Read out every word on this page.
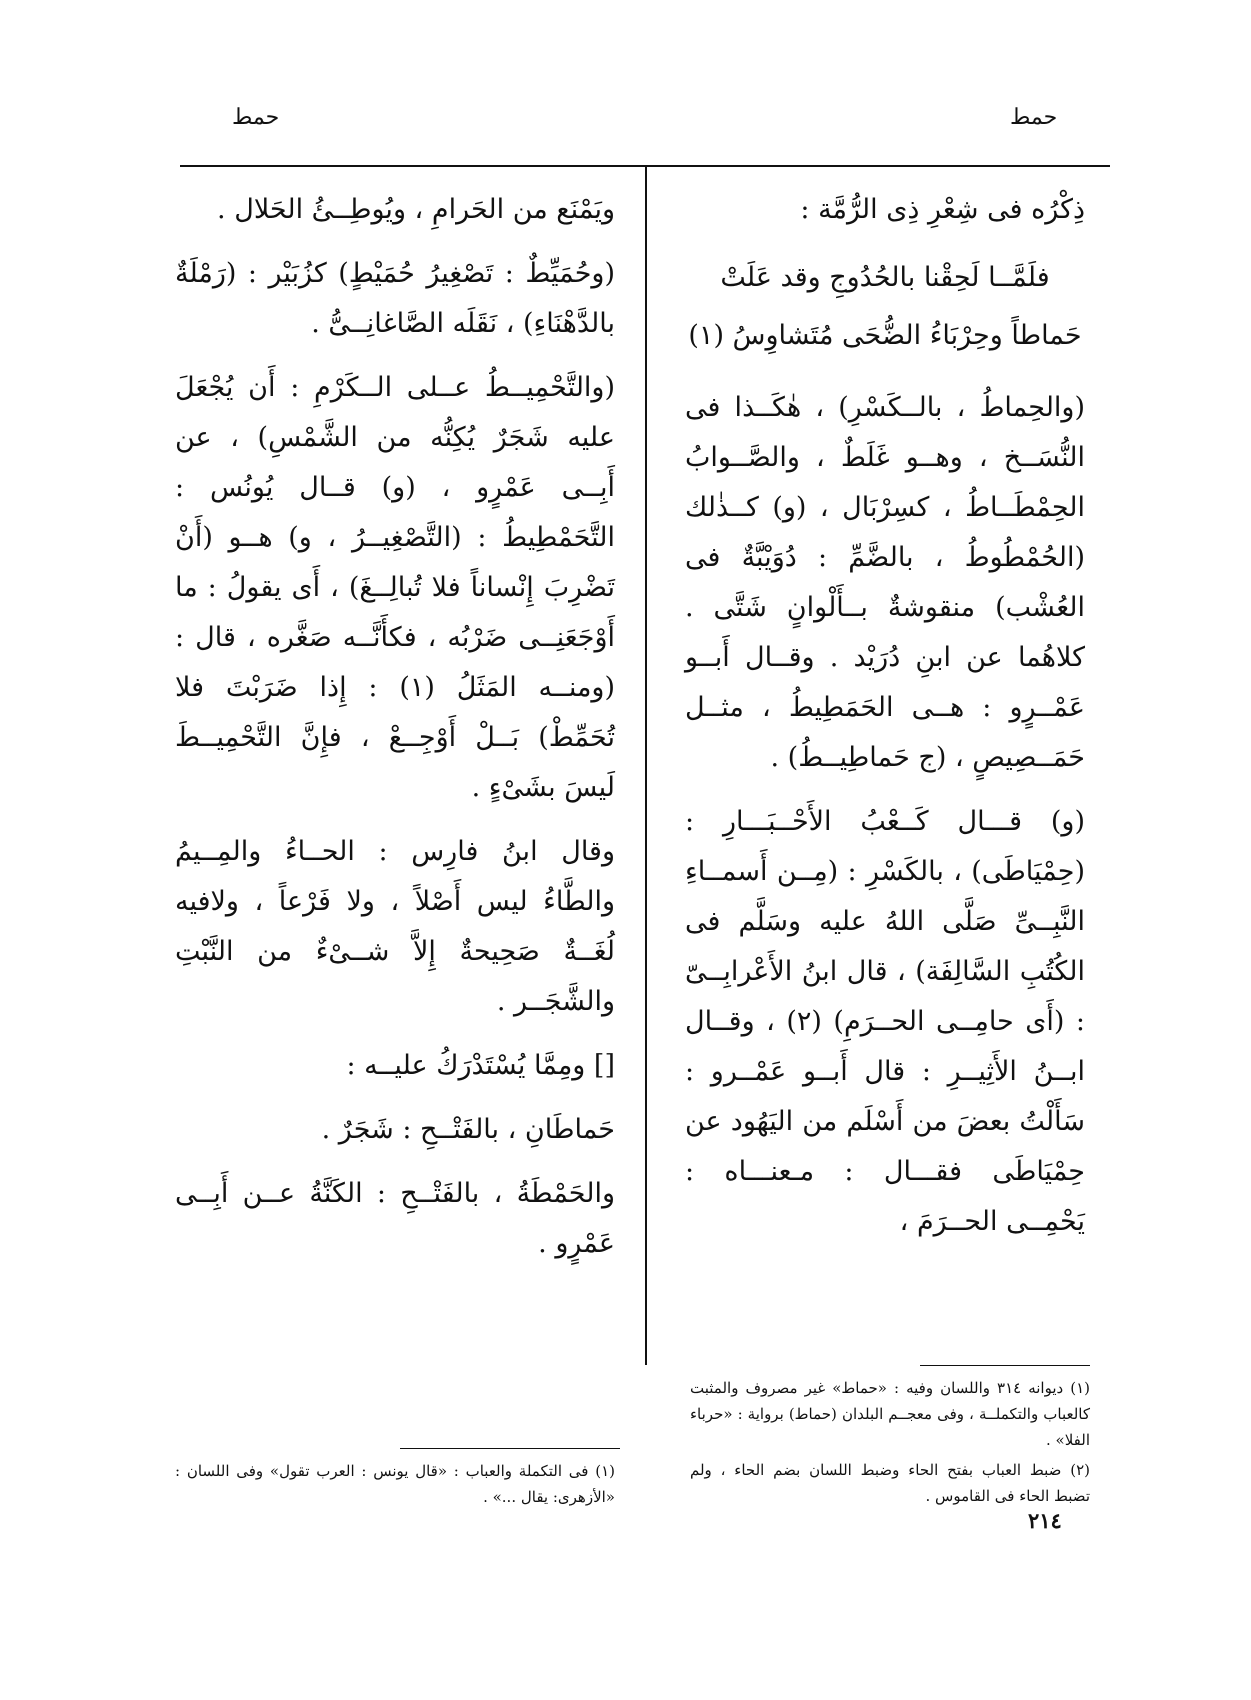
حمط
حمط

ذِكْرُه فى شِعْرِ ذِى الرُّمَّة :

فلَمَّــا لَحِقْنا بالحُدُوجِ وقد عَلَتْ
حَماطاً وحِرْبَاءُ الضُّحَى مُتَشاوِسُ (١)

(والحِماطُ ، بالــكَسْرِ) ، هٰكَــذا فى النُّسَــخ ، وهــو غَلَطٌ ، والصَّــوابُ الحِمْطَــاطُ ، كسِرْبَال ، (و) كــذٰلك (الحُمْطُوطُ ، بالضَّمِّ : دُوَيْبَّةٌ فى العُشْب) منقوشةٌ بــأَلْوانٍ شَتَّى . كلاهُما عن ابنِ دُرَيْد . وقــال أَبــو عَمْــرٍو : هــى الحَمَطِيطُ ، مثــل حَمَــصِيصٍ ، (ج حَماطِيــطُ) .

(و) قـــال كَــعْبُ الأَحْــبَـــارِ : (حِمْيَاطَى) ، بالكَسْرِ : (مِــن أَسمــاءِ النَّبِــىِّ صَلَّى اللهُ عليه وسَلَّم فى الكُتُبِ السَّالِفَة) ، قال ابنُ الأَعْرابِــىّ : (أَى حامِــى الحــرَمِ) (٢) ، وقــال ابــنُ الأَثِيــرِ : قال أَبــو عَمْــرو : سَأَلْتُ بعضَ من أَسْلَم من اليَهُود عن حِمْيَاطَى فقـــال : مـعنـــاه : يَحْمِــى الحــرَمَ ،

ويَمْنَع من الحَرامِ ، ويُوطِــئُ الحَلال .

(وحُمَيِّطٌ : تَصْغِيرُ حُمَيْطٍ) كزُبَيْر : (رَمْلَةٌ بالدَّهْنَاءِ) ، نَقَلَه الصَّاغانِــىُّ .

(والتَّحْمِيــطُ عــلى الــكَرْمِ : أَن يُجْعَلَ عليه شَجَرٌ يُكِنُّه من الشَّمْسِ) ، عن أَبِــى عَمْرٍو ، (و) قــال يُونُس : التَّحَمْطِيطُ : (التَّصْغِيــرُ ، و) هــو (أَنْ تَضْرِبَ إِنْساناً فلا تُبالِــغَ) ، أَى يقولُ : ما أَوْجَعَنِــى ضَرْبُه ، فكأَنَّــه صَغَّره ، قال : (ومنــه المَثَلُ (١) : إِذا ضَرَبْتَ فلا تُحَمِّطْ) بَــلْ أَوْجِــعْ ، فإِنَّ التَّحْمِيــطَ لَيسَ بشَىْءٍ .

وقال ابنُ فارِس : الحــاءُ والمِــيمُ والطَّاءُ ليس أَصْلاً ، ولا فَرْعاً ، ولافيه لُغَــةٌ صَحِيحةٌ إِلاَّ شــىْءٌ من النَّبْتِ والشَّجَــر .

[] ومِمَّا يُسْتَدْرَكُ عليــه :

حَماطَانِ ، بالفَتْــحِ : شَجَرٌ .

والحَمْطَةُ ، بالفَتْــحِ : الكَنَّةُ عــن أَبِــى عَمْرٍو .

(١) ديوانه ٣١٤ واللسان وفيه : «حماط» غير مصروف والمثبت كالعباب والتكملــة ، وفى معجــم البلدان (حماط) برواية : «حرباء الفلا» .

(٢) ضبط العباب بفتح الحاء وضبط اللسان بضم الحاء ، ولم تضبط الحاء فى القاموس .

(١) فى التكملة والعباب : «قال يونس : العرب تقول» وفى اللسان : «الأزهرى: يقال ...» .

٢١٤
